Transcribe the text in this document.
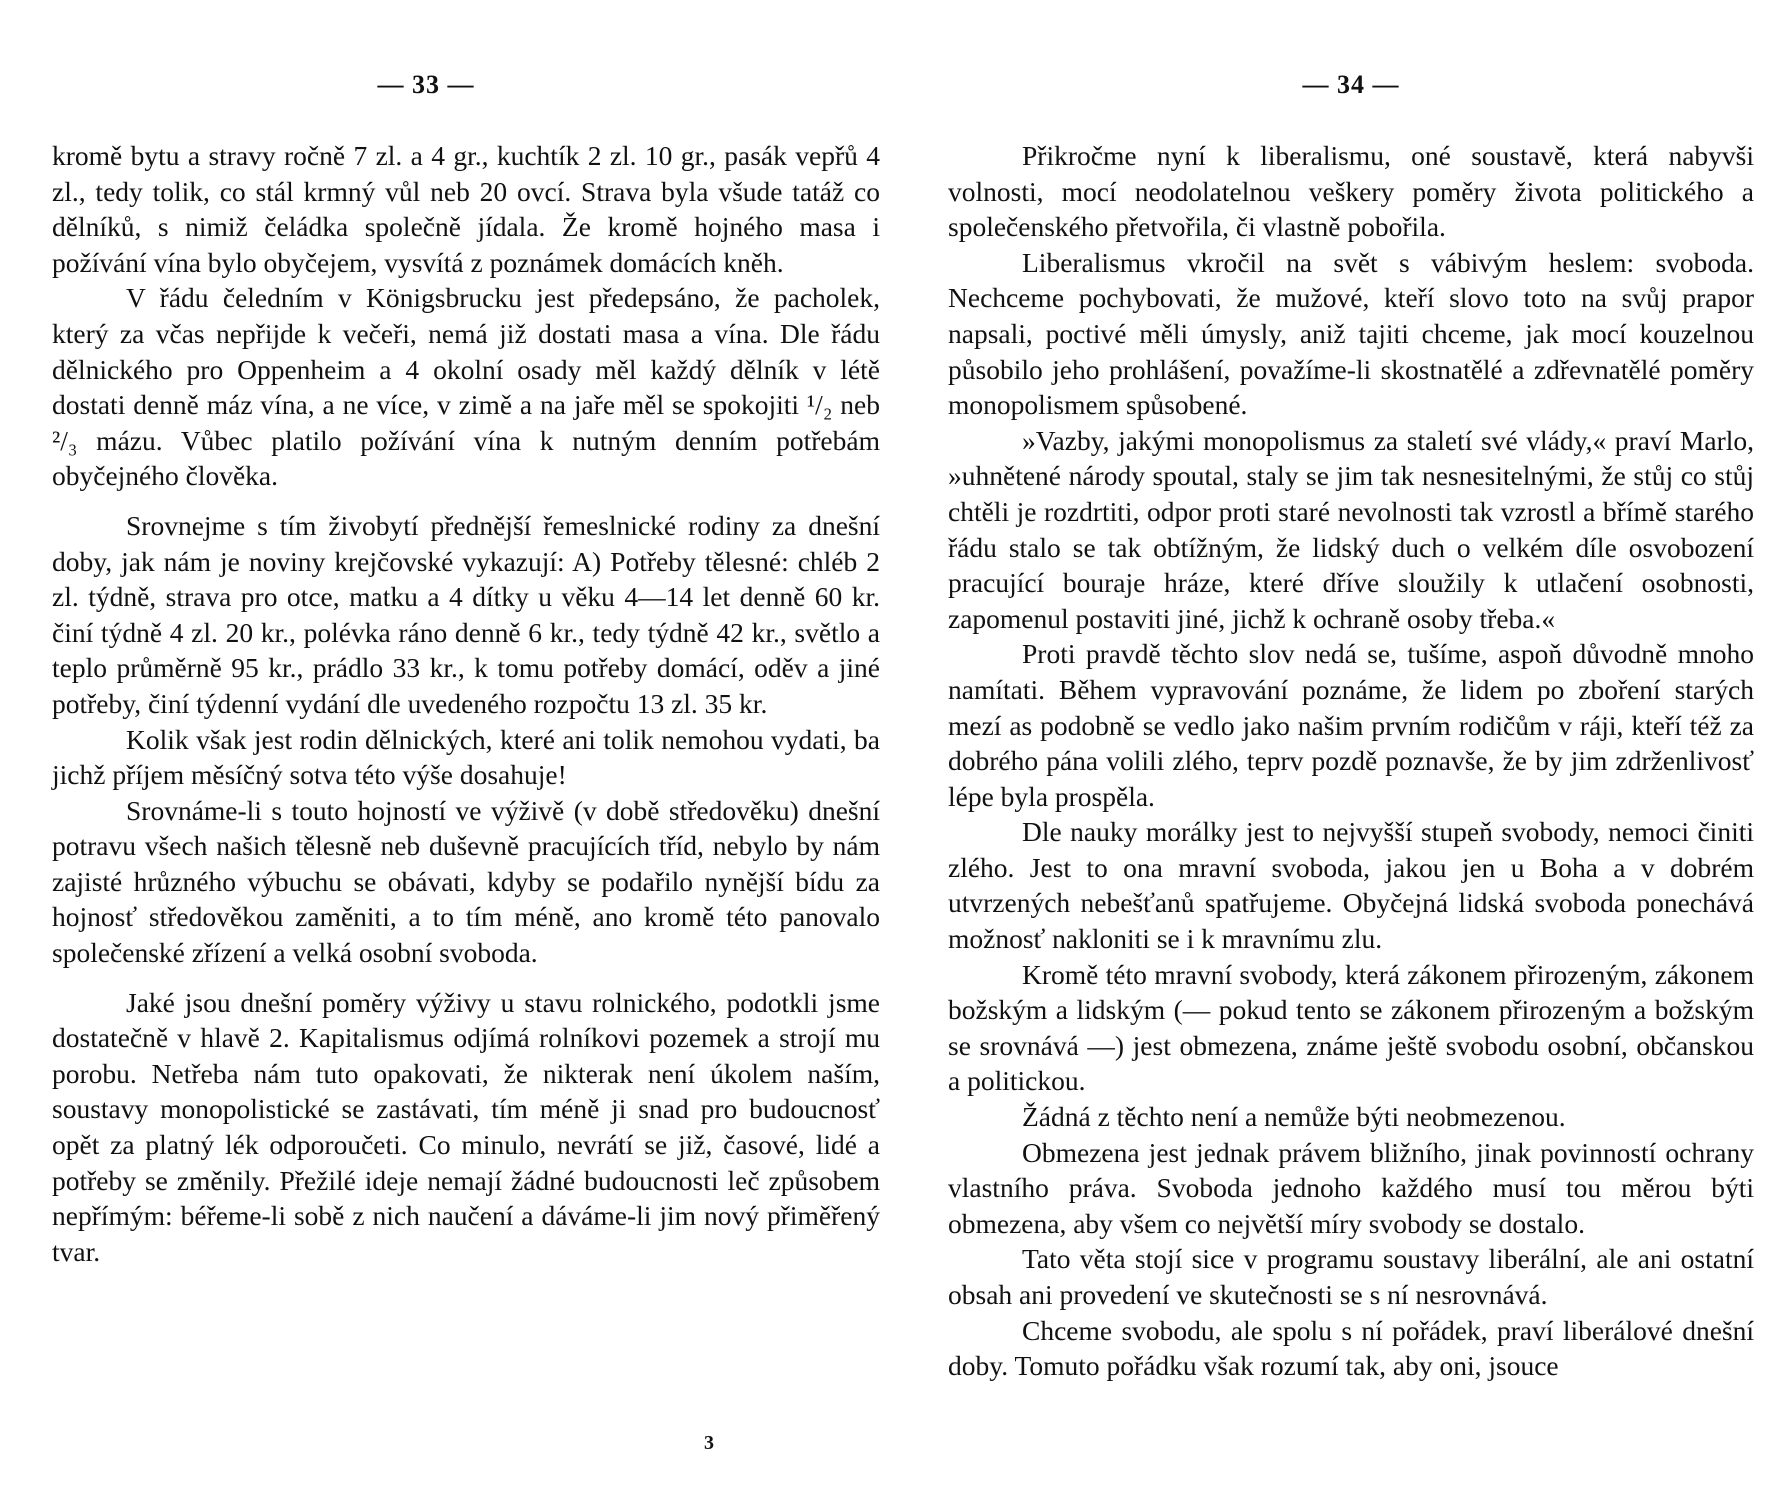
— 33 —

kromě bytu a stravy ročně 7 zl. a 4 gr., kuchtík 2 zl. 10 gr., pasák vepřů 4 zl., tedy tolik, co stál krmný vůl neb 20 ovcí. Strava byla všude tatáž co dělníků, s nimiž čeládka společně jídala. Že kromě hojného masa i požívání vína bylo obyčejem, vysvítá z poznámek domácích kněh.

V řádu čeledním v Königsbrucku jest předepsáno, že pacholek, který za včas nepřijde k večeři, nemá již dostati masa a vína. Dle řádu dělnického pro Oppenheim a 4 okolní osady měl každý dělník v létě dostati denně máz vína, a ne více, v zimě a na jaře měl se spokojiti ¹/₂ neb ²/₃ mázu. Vůbec platilo požívání vína k nutným denním potřebám obyčejného člověka.

Srovnejme s tím živobytí přednější řemeslnické rodiny za dnešní doby, jak nám je noviny krejčovské vykazují: A) Potřeby tělesné: chléb 2 zl. týdně, strava pro otce, matku a 4 dítky u věku 4—14 let denně 60 kr. činí týdně 4 zl. 20 kr., polévka ráno denně 6 kr., tedy týdně 42 kr., světlo a teplo průměrně 95 kr., prádlo 33 kr., k tomu potřeby domácí, oděv a jiné potřeby, činí týdenní vydání dle uvedeného rozpočtu 13 zl. 35 kr.

Kolik však jest rodin dělnických, které ani tolik nemohou vydati, ba jichž příjem měsíčný sotva této výše dosahuje!

Srovnáme-li s touto hojností ve výživě (v době středověku) dnešní potravu všech našich tělesně neb duševně pracujících tříd, nebylo by nám zajisté hrůzného výbuchu se obávati, kdyby se podařilo nynější bídu za hojnosť středověkou zaměniti, a to tím méně, ano kromě této panovalo společenské zřízení a velká osobní svoboda.

Jaké jsou dnešní poměry výživy u stavu rolnického, podotkli jsme dostatečně v hlavě 2. Kapitalismus odjímá rolníkovi pozemek a strojí mu porobu. Netřeba nám tuto opakovati, že nikterak není úkolem naším, soustavy monopolistické se zastávati, tím méně ji snad pro budoucnosť opět za platný lék odporoučeti. Co minulo, nevrátí se již, časové, lidé a potřeby se změnily. Přežilé ideje nemají žádné budoucnosti leč způsobem nepřímým: béřeme-li sobě z nich naučení a dáváme-li jim nový přiměřený tvar.

3
— 34 —

Přikročme nyní k liberalismu, oné soustavě, která nabyvši volnosti, mocí neodolatelnou veškery poměry života politického a společenského přetvořila, či vlastně pobořila.

Liberalismus vkročil na svět s vábivým heslem: svoboda. Nechceme pochybovati, že mužové, kteří slovo toto na svůj prapor napsali, poctivé měli úmysly, aniž tajiti chceme, jak mocí kouzelnou působilo jeho prohlášení, považíme-li skostnatělé a zdřevnatělé poměry monopolismem spůsobené.

»Vazby, jakými monopolismus za staletí své vlády,« praví Marlo, »uhnětené národy spoutal, staly se jim tak nesnesitelnými, že stůj co stůj chtěli je rozdrtiti, odpor proti staré nevolnosti tak vzrostl a břímě starého řádu stalo se tak obtížným, že lidský duch o velkém díle osvobození pracující bouraje hráze, které dříve sloužily k utlačení osobnosti, zapomenul postaviti jiné, jichž k ochraně osoby třeba.«

Proti pravdě těchto slov nedá se, tušíme, aspoň důvodně mnoho namítati. Během vypravování poznáme, že lidem po zboření starých mezí as podobně se vedlo jako našim prvním rodičům v ráji, kteří též za dobrého pána volili zlého, teprv pozdě poznavše, že by jim zdrženlivosť lépe byla prospěla.

Dle nauky morálky jest to nejvyšší stupeň svobody, nemoci činiti zlého. Jest to ona mravní svoboda, jakou jen u Boha a v dobrém utvrzených nebešťanů spatřujeme. Obyčejná lidská svoboda ponechává možnosť nakloniti se i k mravnímu zlu.

Kromě této mravní svobody, která zákonem přirozeným, zákonem božským a lidským (— pokud tento se zákonem přirozeným a božským se srovnává —) jest obmezena, známe ještě svobodu osobní, občanskou a politickou.

Žádná z těchto není a nemůže býti neobmezenou.

Obmezena jest jednak právem bližního, jinak povinností ochrany vlastního práva. Svoboda jednoho každého musí tou měrou býti obmezena, aby všem co největší míry svobody se dostalo.

Tato věta stojí sice v programu soustavy liberální, ale ani ostatní obsah ani provedení ve skutečnosti se s ní nesrovnává.

Chceme svobodu, ale spolu s ní pořádek, praví liberálové dnešní doby. Tomuto pořádku však rozumí tak, aby oni, jsouce
